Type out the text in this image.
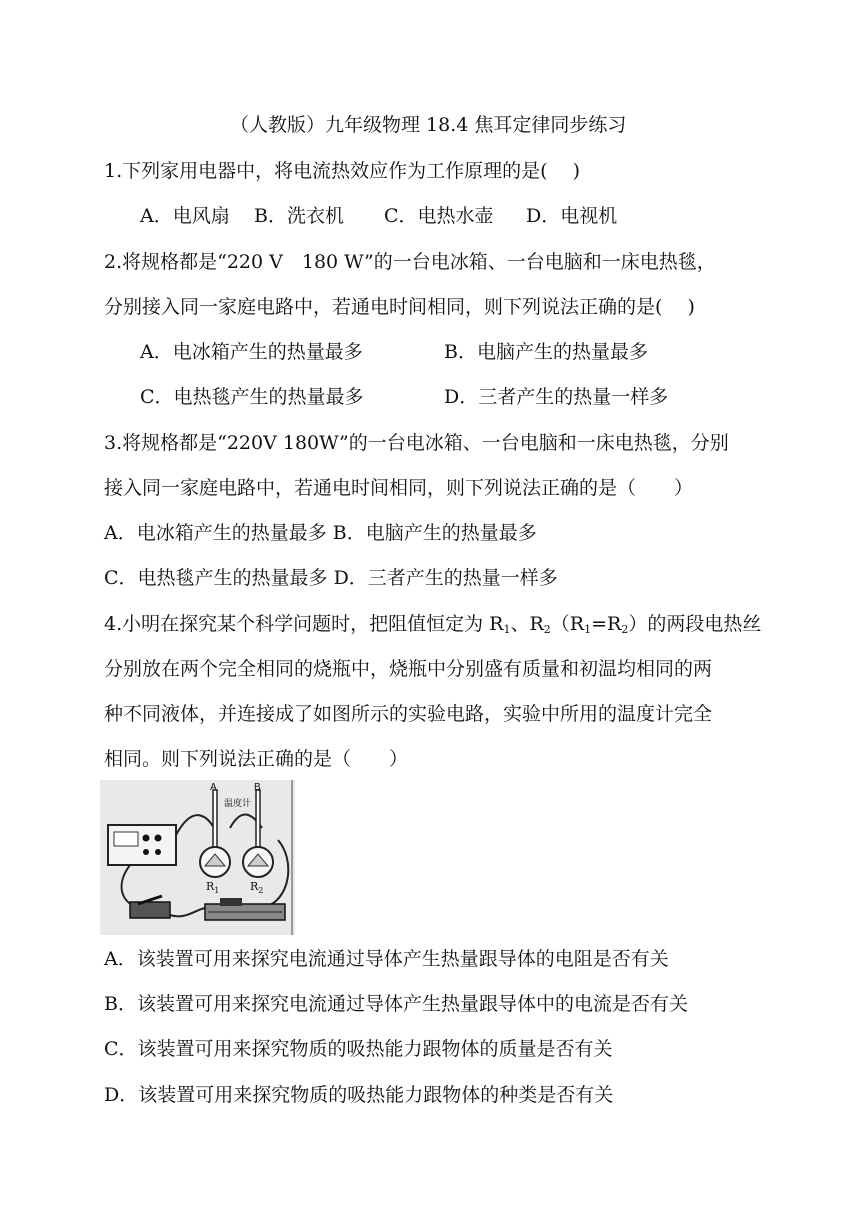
（人教版）九年级物理 18.4 焦耳定律同步练习
1.下列家用电器中，将电流热效应作为工作原理的是(　 )
A．电风扇 B．洗衣机 C．电热水壶 D．电视机
2.将规格都是“220 V　180 W”的一台电冰箱、一台电脑和一床电热毯，
分别接入同一家庭电路中，若通电时间相同，则下列说法正确的是(　 )
A．电冰箱产生的热量最多	B．电脑产生的热量最多
C．电热毯产生的热量最多	D．三者产生的热量一样多
3.将规格都是“220V 180W”的一台电冰箱、一台电脑和一床电热毯，分别
接入同一家庭电路中，若通电时间相同，则下列说法正确的是（　　）
A．电冰箱产生的热量最多 B．电脑产生的热量最多
C．电热毯产生的热量最多 D．三者产生的热量一样多
4.小明在探究某个科学问题时，把阻值恒定为 $R_1$、$R_2(R_1=R_2)$的两段电热丝
分别放在两个完全相同的烧瓶中，烧瓶中分别盛有质量和初温均相同的两
种不同液体，并连接成了如图所示的实验电路，实验中所用的温度计完全
相同。则下列说法正确的是（　　）
A	B
温度计
$R_1$	$R_2$
A．该装置可用来探究电流通过导体产生热量跟导体的电阻是否有关
B．该装置可用来探究电流通过导体产生热量跟导体中的电流是否有关
C．该装置可用来探究物质的吸热能力跟物体的质量是否有关
D．该装置可用来探究物质的吸热能力跟物体的种类是否有关
